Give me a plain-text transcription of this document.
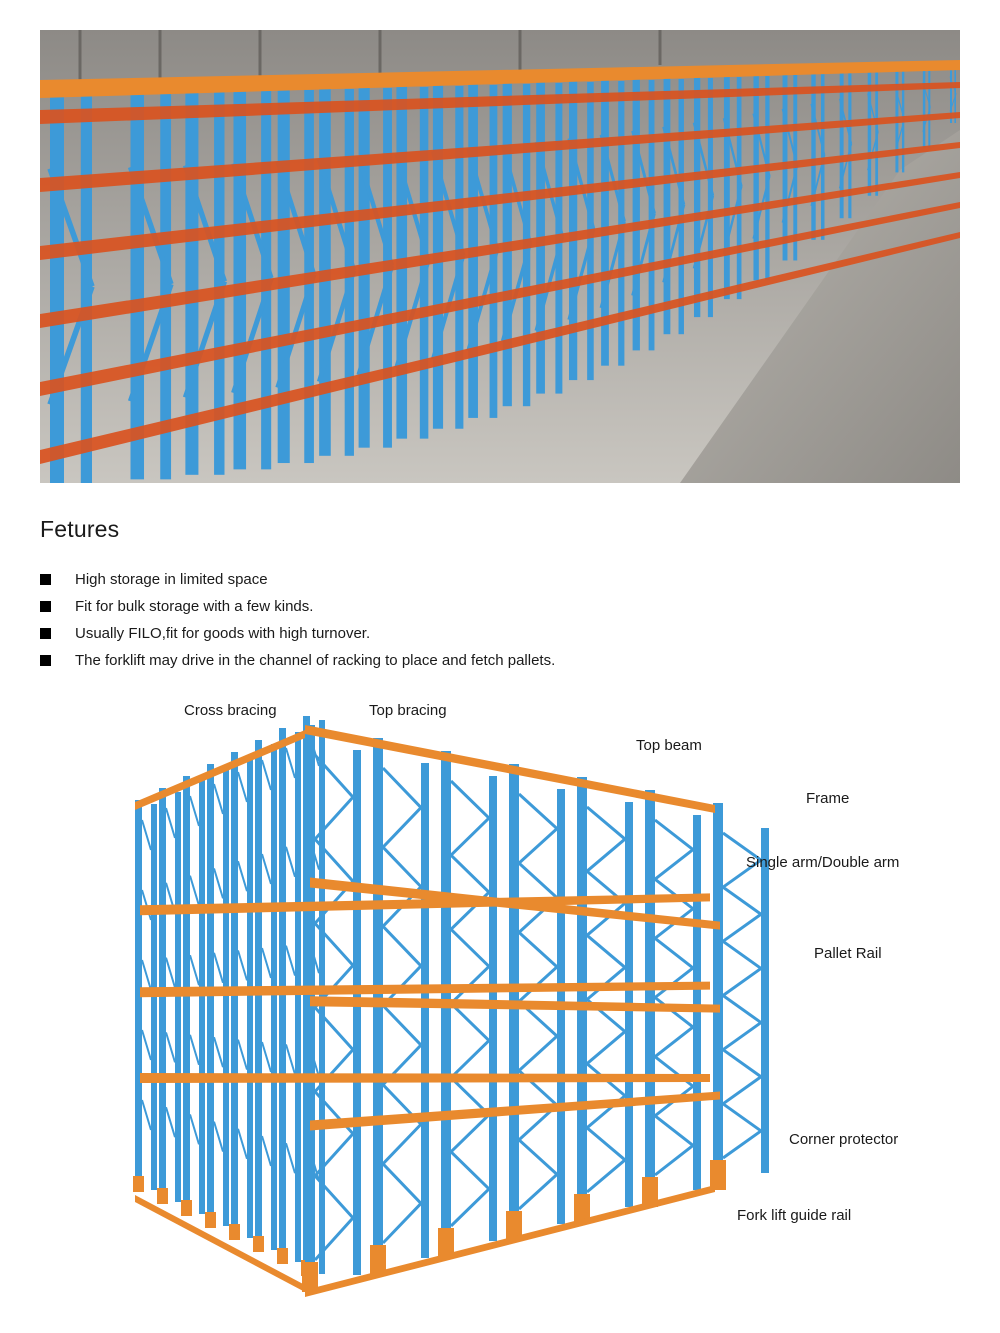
Fetures
High storage in limited space
Fit for bulk storage with a few kinds.
Usually FILO,fit for goods with high turnover.
The forklift may drive in the channel of racking to place and fetch pallets.
Cross bracing	Top bracing
Top beam
Frame
Single arm/Double arm
Pallet Rail
Corner protector
Fork lift guide rail
